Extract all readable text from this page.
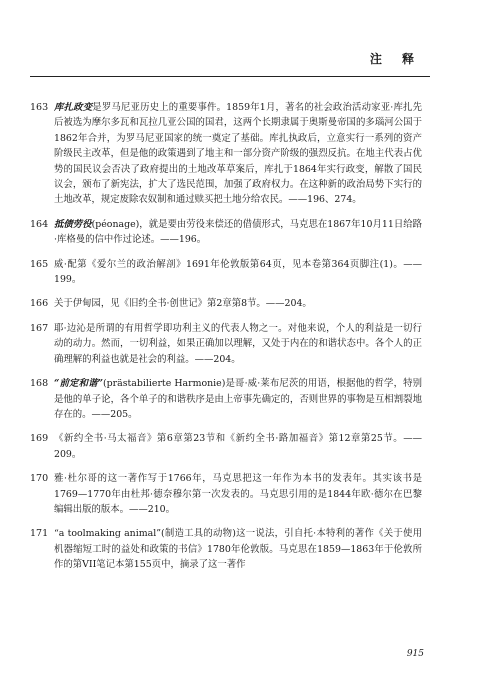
注 释
163 库扎政变是罗马尼亚历史上的重要事件。1859年1月，著名的社会政治活动家亚·库扎先后被选为摩尔多瓦和瓦拉几亚公国的国君，这两个长期隶属于奥斯曼帝国的多瑙河公国于1862年合并，为罗马尼亚国家的统一奠定了基础。库扎执政后，立意实行一系列的资产阶级民主改革，但是他的政策遇到了地主和一部分资产阶级的强烈反抗。在地主代表占优势的国民议会否决了政府提出的土地改革草案后，库扎于1864年实行政变，解散了国民议会，颁布了新宪法，扩大了选民范围，加强了政府权力。在这种新的政治局势下实行的土地改革，规定废除农奴制和通过赎买把土地分给农民。——196、274。
164 抵债劳役(péonage)，就是要由劳役来偿还的借债形式，马克思在1867年10月11日给路·库格曼的信中作过论述。——196。
165 威·配第《爱尔兰的政治解剖》1691年伦敦版第64页，见本卷第364页脚注(1)。——199。
166 关于伊甸园，见《旧约全书·创世记》第2章第8节。——204。
167 耶·边沁是所谓的有用哲学即功利主义的代表人物之一。对他来说，个人的利益是一切行动的动力。然而，一切利益，如果正确加以理解，又处于内在的和谐状态中。各个人的正确理解的利益也就是社会的利益。——204。
168 “前定和谐”(prästabilierte Harmonie)是哥·威·莱布尼茨的用语，根据他的哲学，特别是他的单子论，各个单子的和谐秩序是由上帝事先确定的，否则世界的事物是互相割裂地存在的。——205。
169 《新约全书·马太福音》第6章第23节和《新约全书·路加福音》第12章第25节。——209。
170 雅·杜尔哥的这一著作写于1766年，马克思把这一年作为本书的发表年。其实该书是1769—1770年由杜邦·德奈穆尔第一次发表的。马克思引用的是1844年欧·德尔在巴黎编辑出版的版本。——210。
171 “a toolmaking animal”(制造工具的动物)这一说法，引自托·本特利的著作《关于使用机器缩短工时的益处和政策的书信》1780年伦敦版。马克思在1859—1863年于伦敦所作的第VII笔记本第155页中，摘录了这一著作
915
